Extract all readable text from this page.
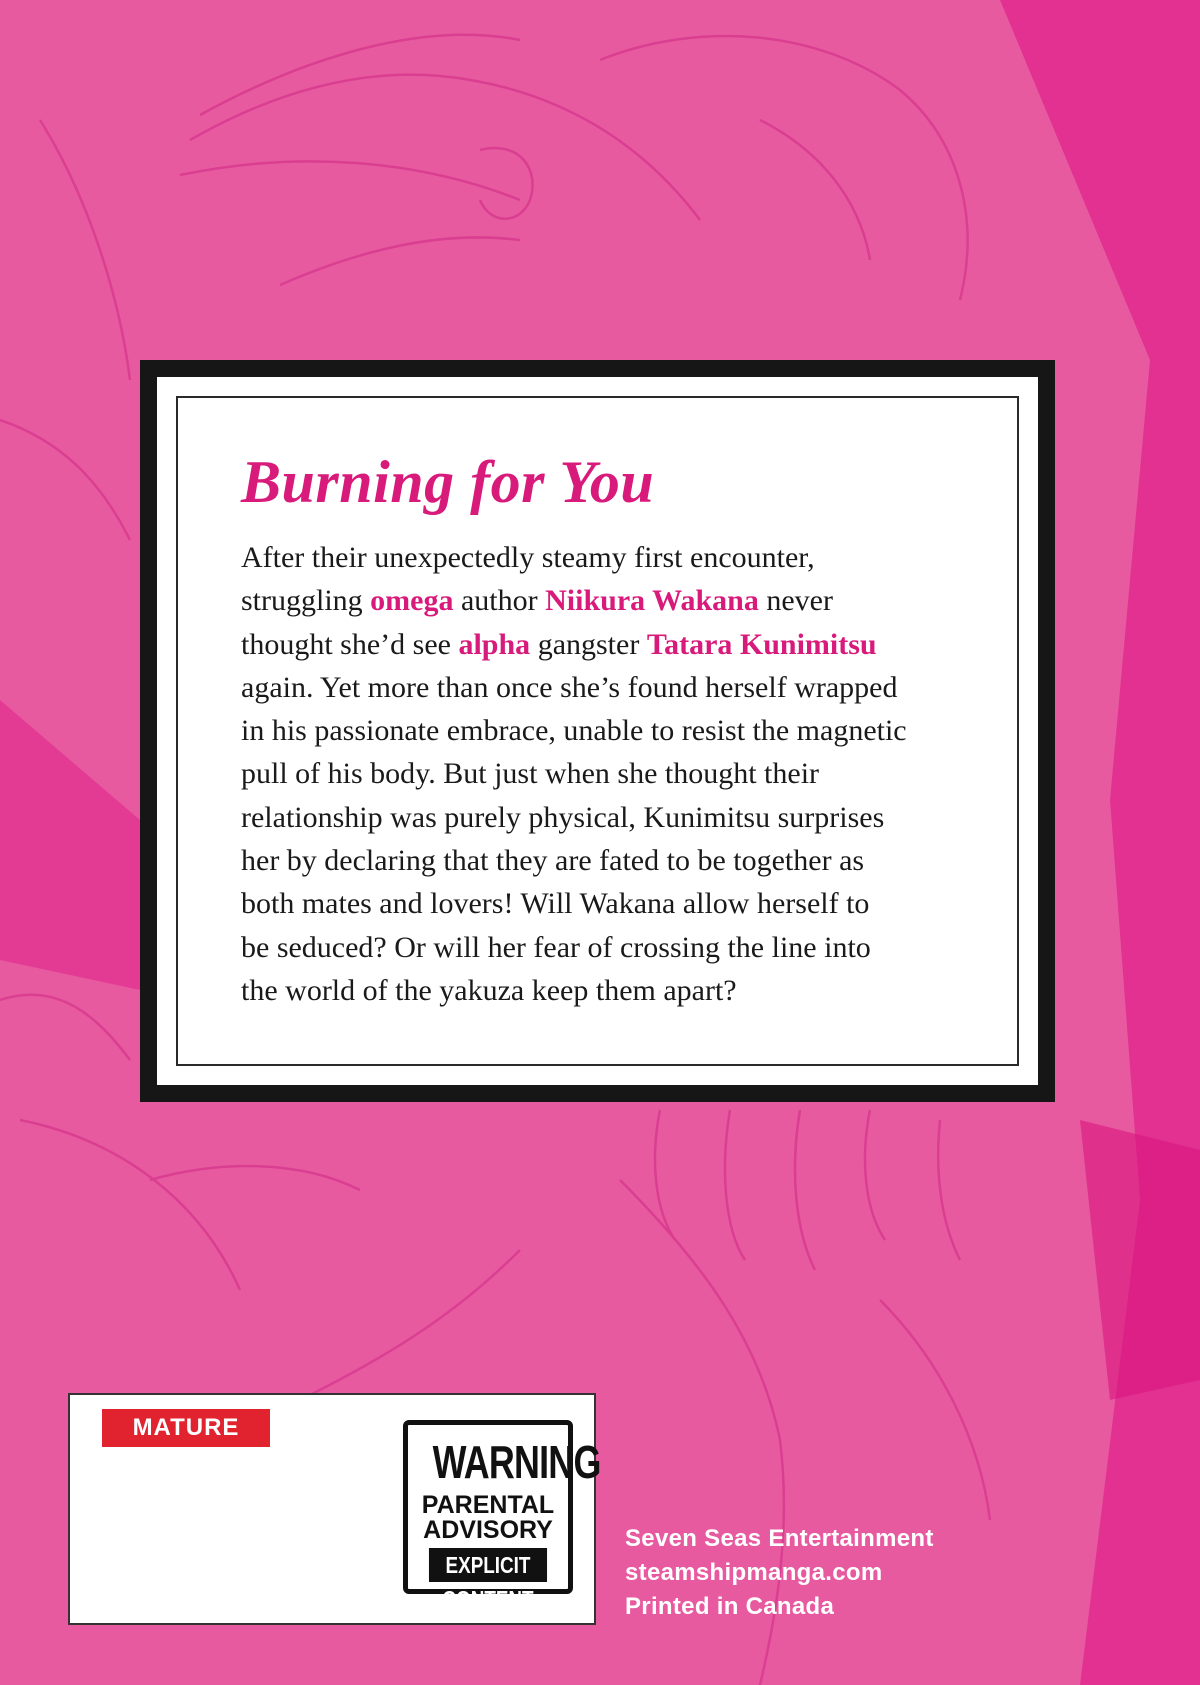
Burning for You
After their unexpectedly steamy first encounter,
struggling omega author Niikura Wakana never
thought she’d see alpha gangster Tatara Kunimitsu
again. Yet more than once she’s found herself wrapped
in his passionate embrace, unable to resist the magnetic
pull of his body. But just when she thought their
relationship was purely physical, Kunimitsu surprises
her by declaring that they are fated to be together as
both mates and lovers! Will Wakana allow herself to
be seduced? Or will her fear of crossing the line into
the world of the yakuza keep them apart?
MATURE
WARNING
PARENTAL
ADVISORY
EXPLICIT CONTENT
Seven Seas Entertainment
steamshipmanga.com
Printed in Canada
